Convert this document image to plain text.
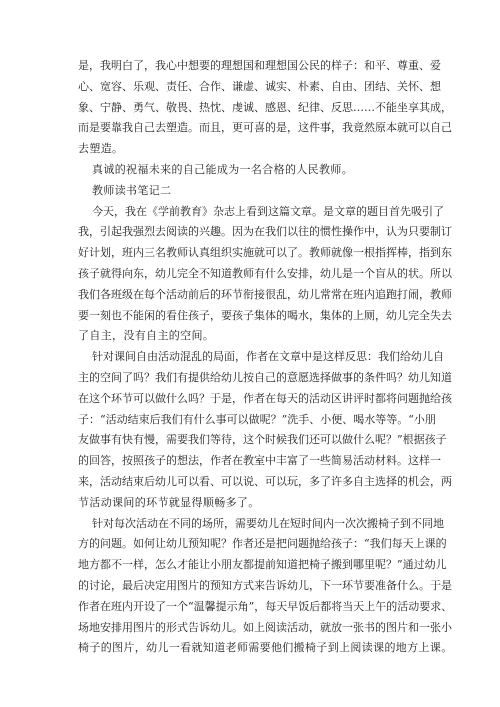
是，我明白了，我心中想要的理想国和理想国公民的样子：和平、尊重、爱
心、宽容、乐观、责任、合作、谦虚、诚实、朴素、自由、团结、关怀、想
象、宁静、勇气、敬畏、热忱、虔诚、感恩、纪律、反思……不能坐享其成，
而是要靠我自己去塑造。而且，更可喜的是，这件事，我竟然原本就可以自己
去塑造。
真诚的祝福未来的自己能成为一名合格的人民教师。
教师读书笔记二
今天，我在《学前教育》杂志上看到这篇文章。是文章的题目首先吸引了
我，引起我强烈去阅读的兴趣。因为在我们以往的惯性操作中，认为只要制订
好计划，班内三名教师认真组织实施就可以了。教师就像一根指挥棒，指到东
孩子就得向东，幼儿完全不知道教师有什么安排，幼儿是一个盲从的状。所以
我们各班级在每个活动前后的环节衔接很乱，幼儿常常在班内追跑打闹，教师
要一刻也不能闲的看住孩子，要孩子集体的喝水，集体的上厕，幼儿完全失去
了自主，没有自主的空间。
针对课间自由活动混乱的局面，作者在文章中是这样反思：我们给幼儿自
主的空间了吗？我们有提供给幼儿按自己的意愿选择做事的条件吗？幼儿知道
在这个环节可以做什么吗？于是，作者在每天的活动区讲评时都将问题抛给孩
子：“活动结束后我们有什么事可以做呢？”洗手、小便、喝水等等。“小朋
友做事有快有慢，需要我们等待，这个时候我们还可以做什么呢？”根据孩子
的回答，按照孩子的想法，作者在教室中丰富了一些简易活动材料。这样一
来，活动结束后幼儿可以看、可以说、可以玩，多了许多自主选择的机会，两
节活动课间的环节就显得顺畅多了。
针对每次活动在不同的场所，需要幼儿在短时间内一次次搬椅子到不同地
方的问题。如何让幼儿预知呢？作者还是把问题抛给孩子：“我们每天上课的
地方都不一样，怎么才能让小朋友都提前知道把椅子搬到哪里呢？”通过幼儿
的讨论，最后决定用图片的预知方式来告诉幼儿，下一环节要准备什么。于是
作者在班内开设了一个“温馨提示角”，每天早饭后都将当天上午的活动要求、
场地安排用图片的形式告诉幼儿。如上阅读活动，就放一张书的图片和一张小
椅子的图片，幼儿一看就知道老师需要他们搬椅子到上阅读课的地方上课。
